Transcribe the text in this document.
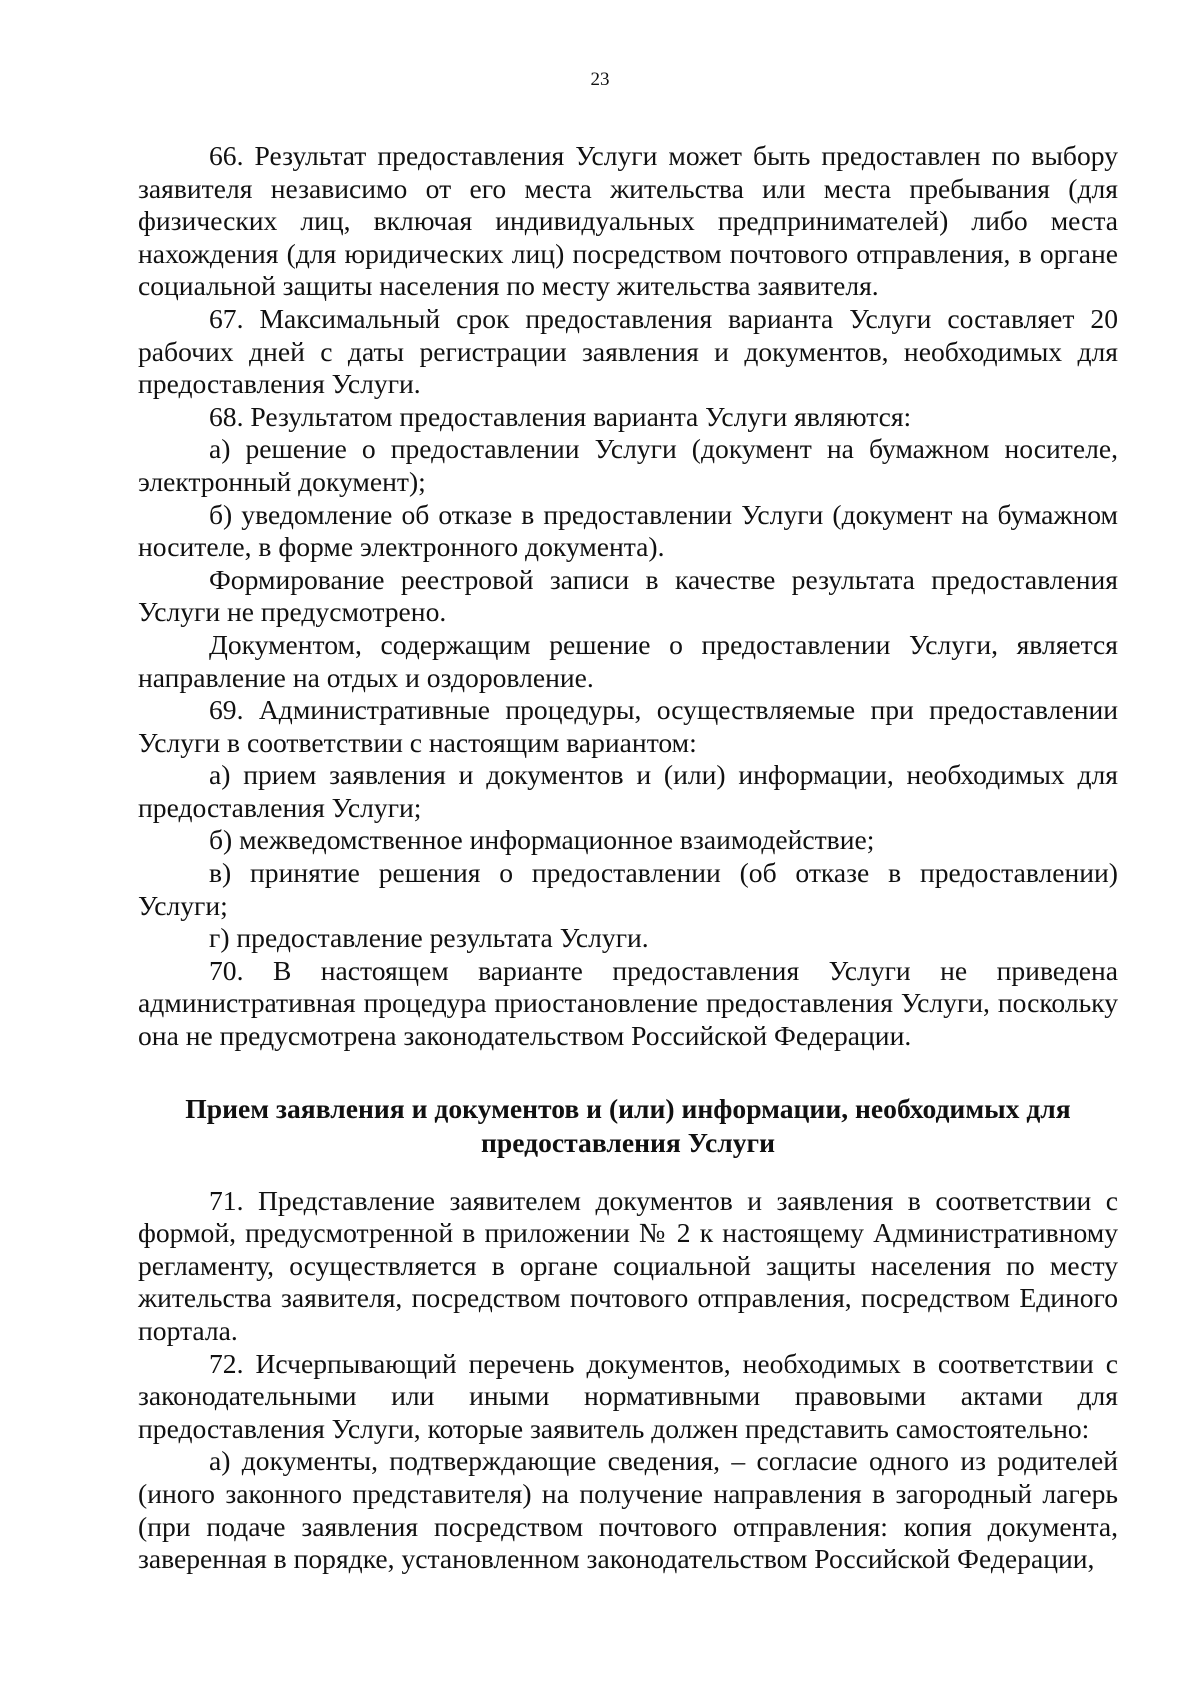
23

66. Результат предоставления Услуги может быть предоставлен по выбору заявителя независимо от его места жительства или места пребывания (для физических лиц, включая индивидуальных предпринимателей) либо места нахождения (для юридических лиц) посредством почтового отправления, в органе социальной защиты населения по месту жительства заявителя.

67. Максимальный срок предоставления варианта Услуги составляет 20 рабочих дней с даты регистрации заявления и документов, необходимых для предоставления Услуги.

68. Результатом предоставления варианта Услуги являются:

а) решение о предоставлении Услуги (документ на бумажном носителе, электронный документ);

б) уведомление об отказе в предоставлении Услуги (документ на бумажном носителе, в форме электронного документа).

Формирование реестровой записи в качестве результата предоставления Услуги не предусмотрено.

Документом, содержащим решение о предоставлении Услуги, является направление на отдых и оздоровление.

69. Административные процедуры, осуществляемые при предоставлении Услуги в соответствии с настоящим вариантом:

а) прием заявления и документов и (или) информации, необходимых для предоставления Услуги;

б) межведомственное информационное взаимодействие;

в) принятие решения о предоставлении (об отказе в предоставлении) Услуги;

г) предоставление результата Услуги.

70. В настоящем варианте предоставления Услуги не приведена административная процедура приостановление предоставления Услуги, поскольку она не предусмотрена законодательством Российской Федерации.

Прием заявления и документов и (или) информации, необходимых для
предоставления Услуги

71. Представление заявителем документов и заявления в соответствии с формой, предусмотренной в приложении № 2 к настоящему Административному регламенту, осуществляется в органе социальной защиты населения по месту жительства заявителя, посредством почтового отправления, посредством Единого портала.

72. Исчерпывающий перечень документов, необходимых в соответствии с законодательными или иными нормативными правовыми актами для предоставления Услуги, которые заявитель должен представить самостоятельно:

а) документы, подтверждающие сведения, – согласие одного из родителей (иного законного представителя) на получение направления в загородный лагерь (при подаче заявления посредством почтового отправления: копия документа, заверенная в порядке, установленном законодательством Российской Федерации,
